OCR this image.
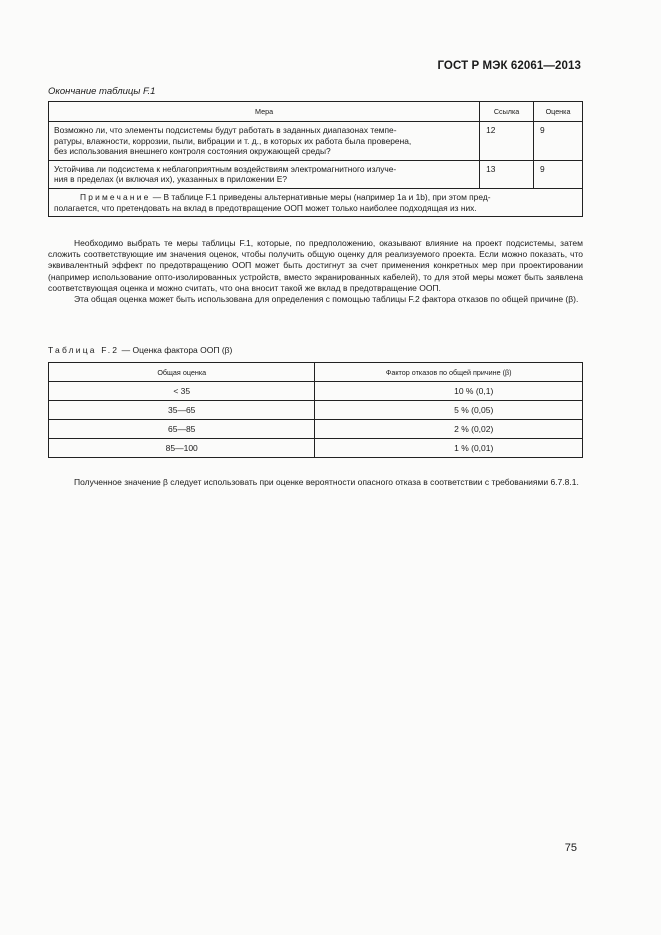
ГОСТ Р МЭК 62061—2013
Окончание таблицы F.1
Мера	Ссылка	Оценка

Возможно ли, что элементы подсистемы будут работать в заданных диапазонах темпе-
ратуры, влажности, коррозии, пыли, вибрации и т. д., в которых их работа была проверена,
без использования внешнего контроля состояния окружающей среды?	12	9

Устойчива ли подсистема к неблагоприятным воздействиям электромагнитного излуче-
ния в пределах (и включая их), указанных в приложении E?	13	9

Примечание — В таблице F.1 приведены альтернативные меры (например 1a и 1b), при этом пред-
полагается, что претендовать на вклад в предотвращение ООП может только наиболее подходящая из них.		

Необходимо выбрать те меры таблицы F.1, которые, по предположению, оказывают влияние на проект подсистемы, затем сложить соответствующие им значения оценок, чтобы получить общую оценку для реализуемого проекта. Если можно показать, что эквивалентный эффект по предотвращению ООП может быть достигнут за счет применения конкретных мер при проектировании (например использование опто-изолированных устройств, вместо экранированных кабелей), то для этой меры может быть заявлена соответствующая оценка и можно считать, что она вносит такой же вклад в предотвращение ООП.

Эта общая оценка может быть использована для определения с помощью таблицы F.2 фактора отказов по общей причине (β).

Таблица F.2 — Оценка фактора ООП (β)
Общая оценка	Фактор отказов по общей причине (β)
< 35	10 % (0,1)
35—65	5 % (0,05)
65—85	2 % (0,02)
85—100	1 % (0,01)

Полученное значение β следует использовать при оценке вероятности опасного отказа в соответствии с требованиями 6.7.8.1.

75
